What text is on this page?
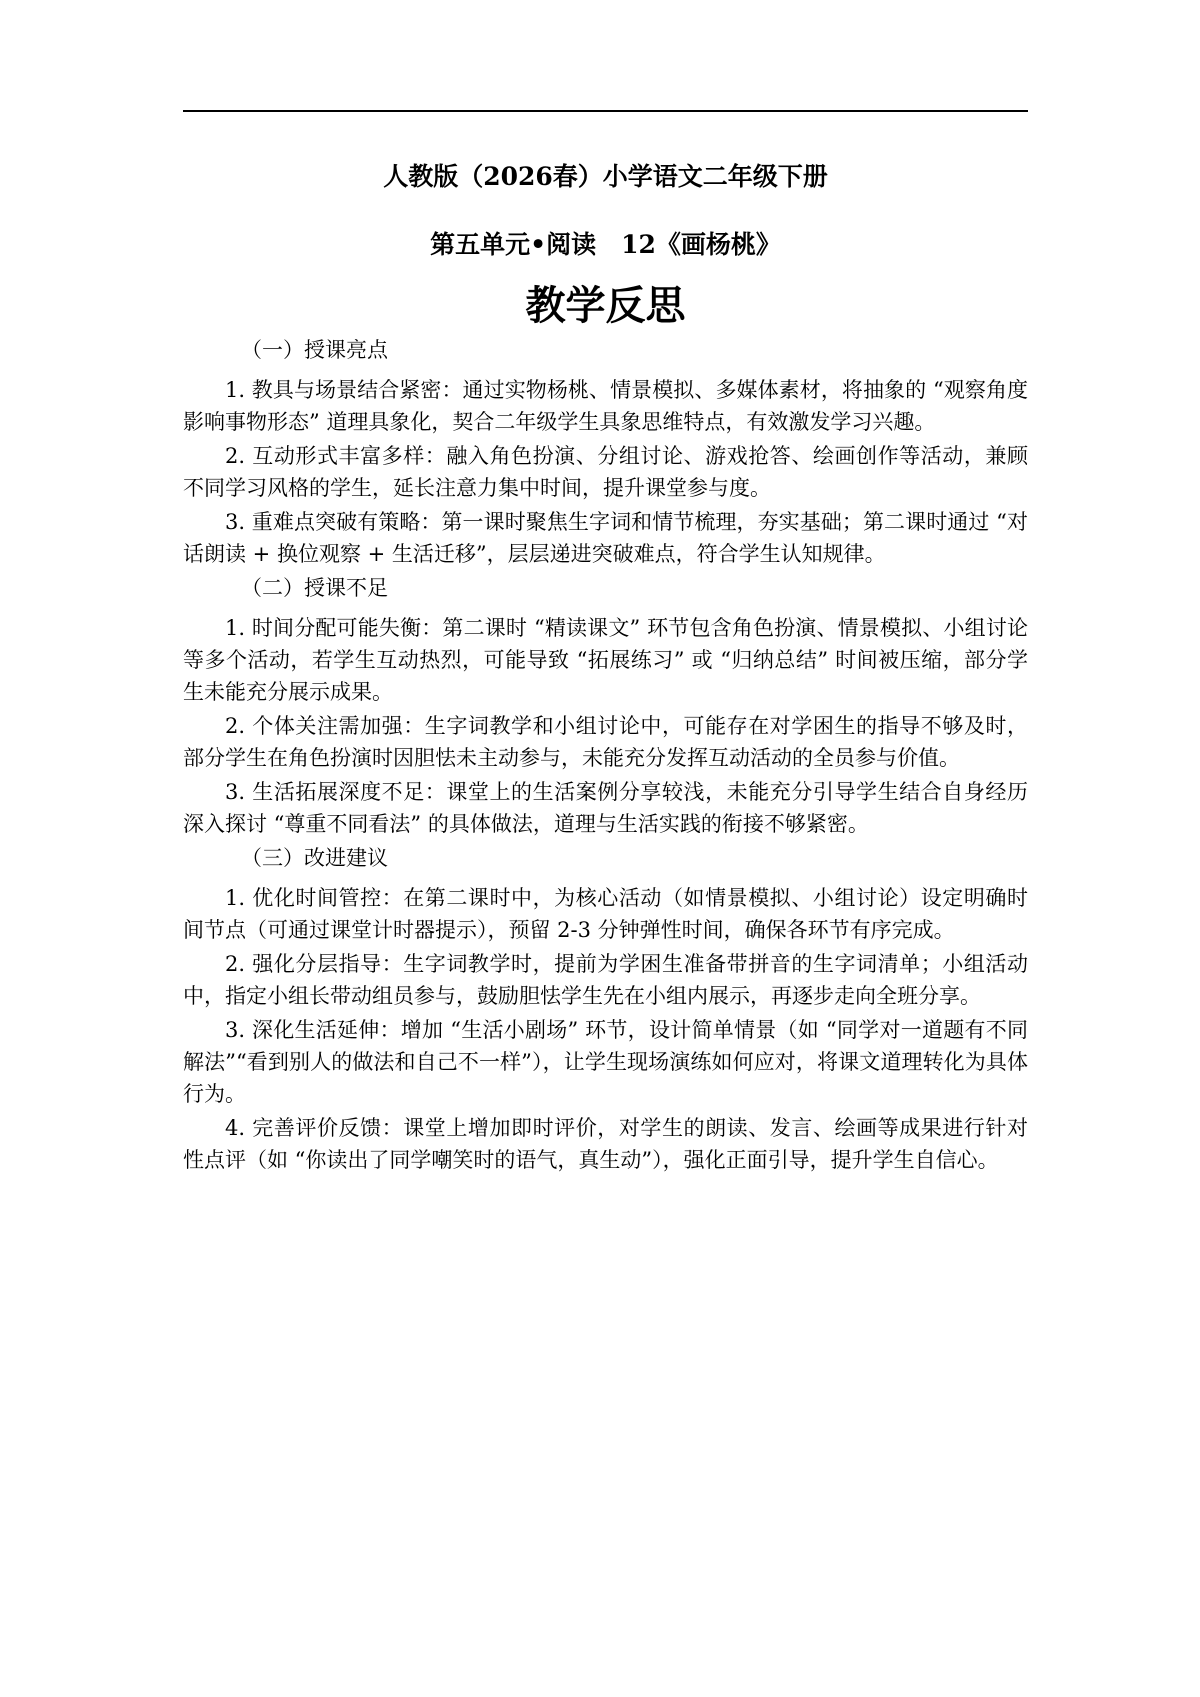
人教版（2026春）小学语文二年级下册
第五单元•阅读　12《画杨桃》
教学反思
（一）授课亮点

1. 教具与场景结合紧密：通过实物杨桃、情景模拟、多媒体素材，将抽象的 “观察角度影响事物形态” 道理具象化，契合二年级学生具象思维特点，有效激发学习兴趣。

2. 互动形式丰富多样：融入角色扮演、分组讨论、游戏抢答、绘画创作等活动，兼顾不同学习风格的学生，延长注意力集中时间，提升课堂参与度。

3. 重难点突破有策略：第一课时聚焦生字词和情节梳理，夯实基础；第二课时通过 “对话朗读 + 换位观察 + 生活迁移”，层层递进突破难点，符合学生认知规律。

（二）授课不足

1. 时间分配可能失衡：第二课时 “精读课文” 环节包含角色扮演、情景模拟、小组讨论等多个活动，若学生互动热烈，可能导致 “拓展练习” 或 “归纳总结” 时间被压缩，部分学生未能充分展示成果。

2. 个体关注需加强：生字词教学和小组讨论中，可能存在对学困生的指导不够及时，部分学生在角色扮演时因胆怯未主动参与，未能充分发挥互动活动的全员参与价值。

3. 生活拓展深度不足：课堂上的生活案例分享较浅，未能充分引导学生结合自身经历深入探讨 “尊重不同看法” 的具体做法，道理与生活实践的衔接不够紧密。

（三）改进建议

1. 优化时间管控：在第二课时中，为核心活动（如情景模拟、小组讨论）设定明确时间节点（可通过课堂计时器提示），预留 2-3 分钟弹性时间，确保各环节有序完成。

2. 强化分层指导：生字词教学时，提前为学困生准备带拼音的生字词清单；小组活动中，指定小组长带动组员参与，鼓励胆怯学生先在小组内展示，再逐步走向全班分享。

3. 深化生活延伸：增加 “生活小剧场” 环节，设计简单情景（如 “同学对一道题有不同解法”“看到别人的做法和自己不一样”），让学生现场演练如何应对，将课文道理转化为具体行为。

4. 完善评价反馈：课堂上增加即时评价，对学生的朗读、发言、绘画等成果进行针对性点评（如 “你读出了同学嘲笑时的语气，真生动”），强化正面引导，提升学生自信心。
